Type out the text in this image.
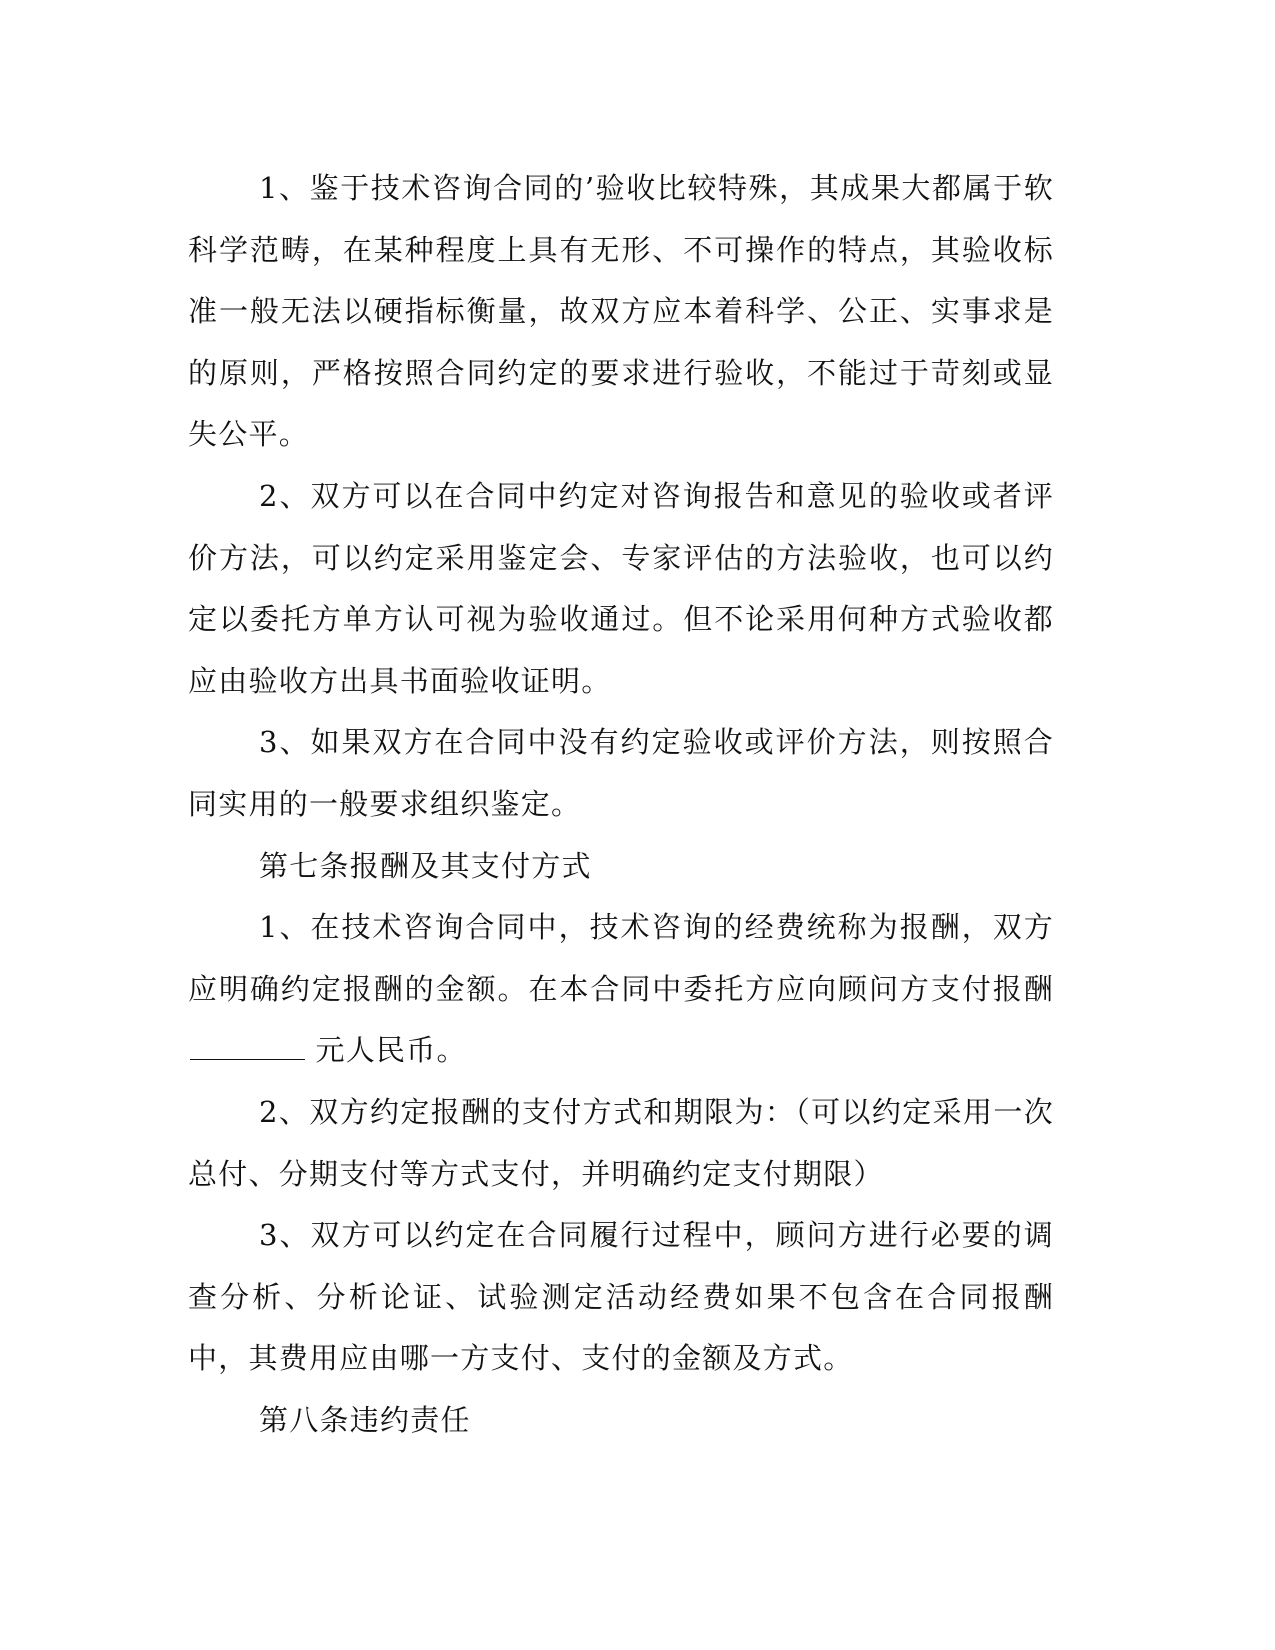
1、鉴于技术咨询合同的’验收比较特殊，其成果大都属于软科学范畴，在某种程度上具有无形、不可操作的特点，其验收标准一般无法以硬指标衡量，故双方应本着科学、公正、实事求是的原则，严格按照合同约定的要求进行验收，不能过于苛刻或显失公平。

2、双方可以在合同中约定对咨询报告和意见的验收或者评价方法，可以约定采用鉴定会、专家评估的方法验收，也可以约定以委托方单方认可视为验收通过。但不论采用何种方式验收都应由验收方出具书面验收证明。

3、如果双方在合同中没有约定验收或评价方法，则按照合同实用的一般要求组织鉴定。

第七条报酬及其支付方式

1、在技术咨询合同中，技术咨询的经费统称为报酬，双方应明确约定报酬的金额。在本合同中委托方应向顾问方支付报酬 元人民币。

2、双方约定报酬的支付方式和期限为：（可以约定采用一次总付、分期支付等方式支付，并明确约定支付期限）

3、双方可以约定在合同履行过程中，顾问方进行必要的调查分析、分析论证、试验测定活动经费如果不包含在合同报酬中，其费用应由哪一方支付、支付的金额及方式。

第八条违约责任
